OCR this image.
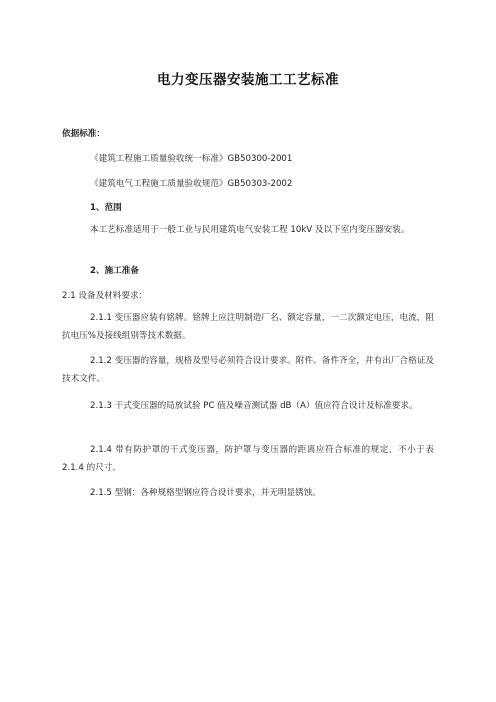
电力变压器安装施工工艺标准
依据标准：
《建筑工程施工质量验收统一标准》GB50300-2001
《建筑电气工程施工质量验收规范》GB50303-2002
1、范围
本工艺标准适用于一般工业与民用建筑电气安装工程 10kV 及以下室内变压器安装。
2、施工准备
2.1 设备及材料要求：
2.1.1 变压器应装有铭牌。铭牌上应注明制造厂名、额定容量，一二次额定电压，电流，阻抗电压%及接线组别等技术数据。
2.1.2 变压器的容量，规格及型号必须符合设计要求。附件、备件齐全，并有出厂合格证及技术文件。
2.1.3 干式变压器的局放试验 PC 值及噪音测试器 dB（A）值应符合设计及标准要求。
2.1.4 带有防护罩的干式变压器，防护罩与变压器的距离应符合标准的规定，不小于表 2.1.4 的尺寸。
2.1.5 型钢：各种规格型钢应符合设计要求，并无明显锈蚀。
